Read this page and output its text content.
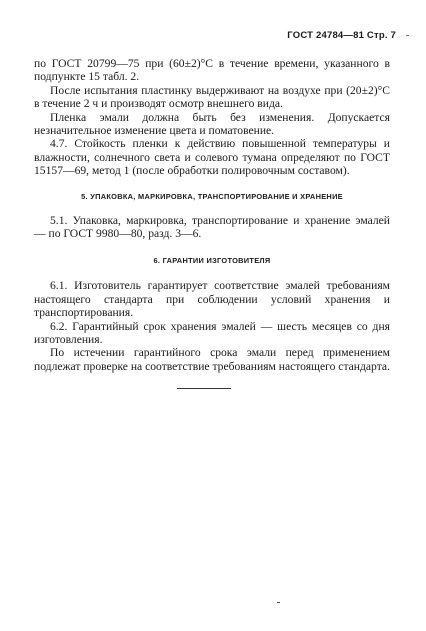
ГОСТ 24784—81 Стр. 7

по ГОСТ 20799—75 при (60±2)°С в течение времени, указанного в подпункте 15 табл. 2.

После испытания пластинку выдерживают на воздухе при (20±2)°С в течение 2 ч и производят осмотр внешнего вида.

Пленка эмали должна быть без изменения. Допускается незначительное изменение цвета и поматовение.

4.7. Стойкость пленки к действию повышенной температуры и влажности, солнечного света и солевого тумана определяют по ГОСТ 15157—69, метод 1 (после обработки полировочным составом).

5. УПАКОВКА, МАРКИРОВКА, ТРАНСПОРТИРОВАНИЕ И ХРАНЕНИЕ

5.1. Упаковка, маркировка, транспортирование и хранение эмалей — по ГОСТ 9980—80, разд. 3—6.

6. ГАРАНТИИ ИЗГОТОВИТЕЛЯ

6.1. Изготовитель гарантирует соответствие эмалей требованиям настоящего стандарта при соблюдении условий хранения и транспортирования.

6.2. Гарантийный срок хранения эмалей — шесть месяцев со дня изготовления.

По истечении гарантийного срока эмали перед применением подлежат проверке на соответствие требованиям настоящего стандарта.
